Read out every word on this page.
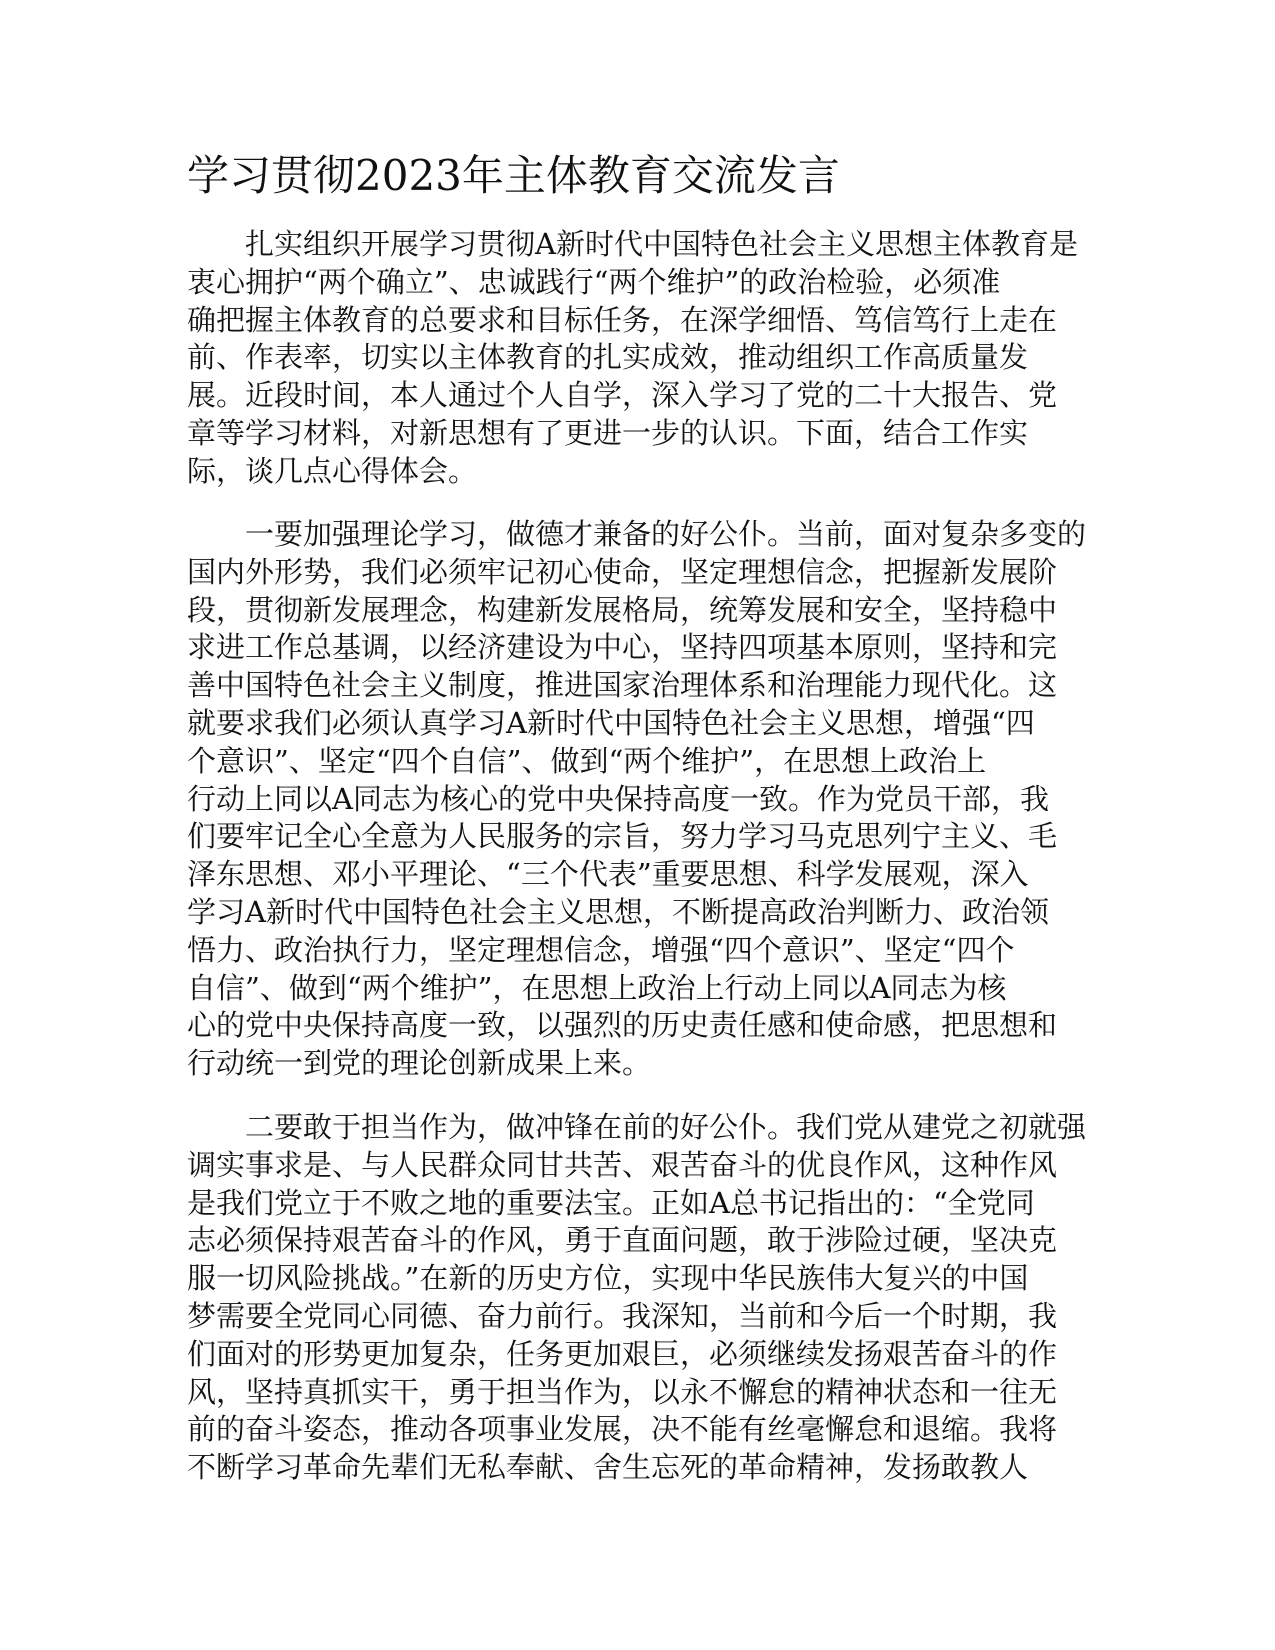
学习贯彻2023年主体教育交流发言
　　扎实组织开展学习贯彻A新时代中国特色社会主义思想主体教育是
衷心拥护“两个确立”、忠诚践行“两个维护”的政治检验，必须准
确把握主体教育的总要求和目标任务，在深学细悟、笃信笃行上走在
前、作表率，切实以主体教育的扎实成效，推动组织工作高质量发
展。近段时间，本人通过个人自学，深入学习了党的二十大报告、党
章等学习材料，对新思想有了更进一步的认识。下面，结合工作实
际，谈几点心得体会。
　　一要加强理论学习，做德才兼备的好公仆。当前，面对复杂多变的
国内外形势，我们必须牢记初心使命，坚定理想信念，把握新发展阶
段，贯彻新发展理念，构建新发展格局，统筹发展和安全，坚持稳中
求进工作总基调，以经济建设为中心，坚持四项基本原则，坚持和完
善中国特色社会主义制度，推进国家治理体系和治理能力现代化。这
就要求我们必须认真学习A新时代中国特色社会主义思想，增强“四
个意识”、坚定“四个自信”、做到“两个维护”，在思想上政治上
行动上同以A同志为核心的党中央保持高度一致。作为党员干部，我
们要牢记全心全意为人民服务的宗旨，努力学习马克思列宁主义、毛
泽东思想、邓小平理论、“三个代表”重要思想、科学发展观，深入
学习A新时代中国特色社会主义思想，不断提高政治判断力、政治领
悟力、政治执行力，坚定理想信念，增强“四个意识”、坚定“四个
自信”、做到“两个维护”，在思想上政治上行动上同以A同志为核
心的党中央保持高度一致，以强烈的历史责任感和使命感，把思想和
行动统一到党的理论创新成果上来。
　　二要敢于担当作为，做冲锋在前的好公仆。我们党从建党之初就强
调实事求是、与人民群众同甘共苦、艰苦奋斗的优良作风，这种作风
是我们党立于不败之地的重要法宝。正如A总书记指出的：“全党同
志必须保持艰苦奋斗的作风，勇于直面问题，敢于涉险过硬，坚决克
服一切风险挑战。”在新的历史方位，实现中华民族伟大复兴的中国
梦需要全党同心同德、奋力前行。我深知，当前和今后一个时期，我
们面对的形势更加复杂，任务更加艰巨，必须继续发扬艰苦奋斗的作
风，坚持真抓实干，勇于担当作为，以永不懈怠的精神状态和一往无
前的奋斗姿态，推动各项事业发展，决不能有丝毫懈怠和退缩。我将
不断学习革命先辈们无私奉献、舍生忘死的革命精神，发扬敢教人
